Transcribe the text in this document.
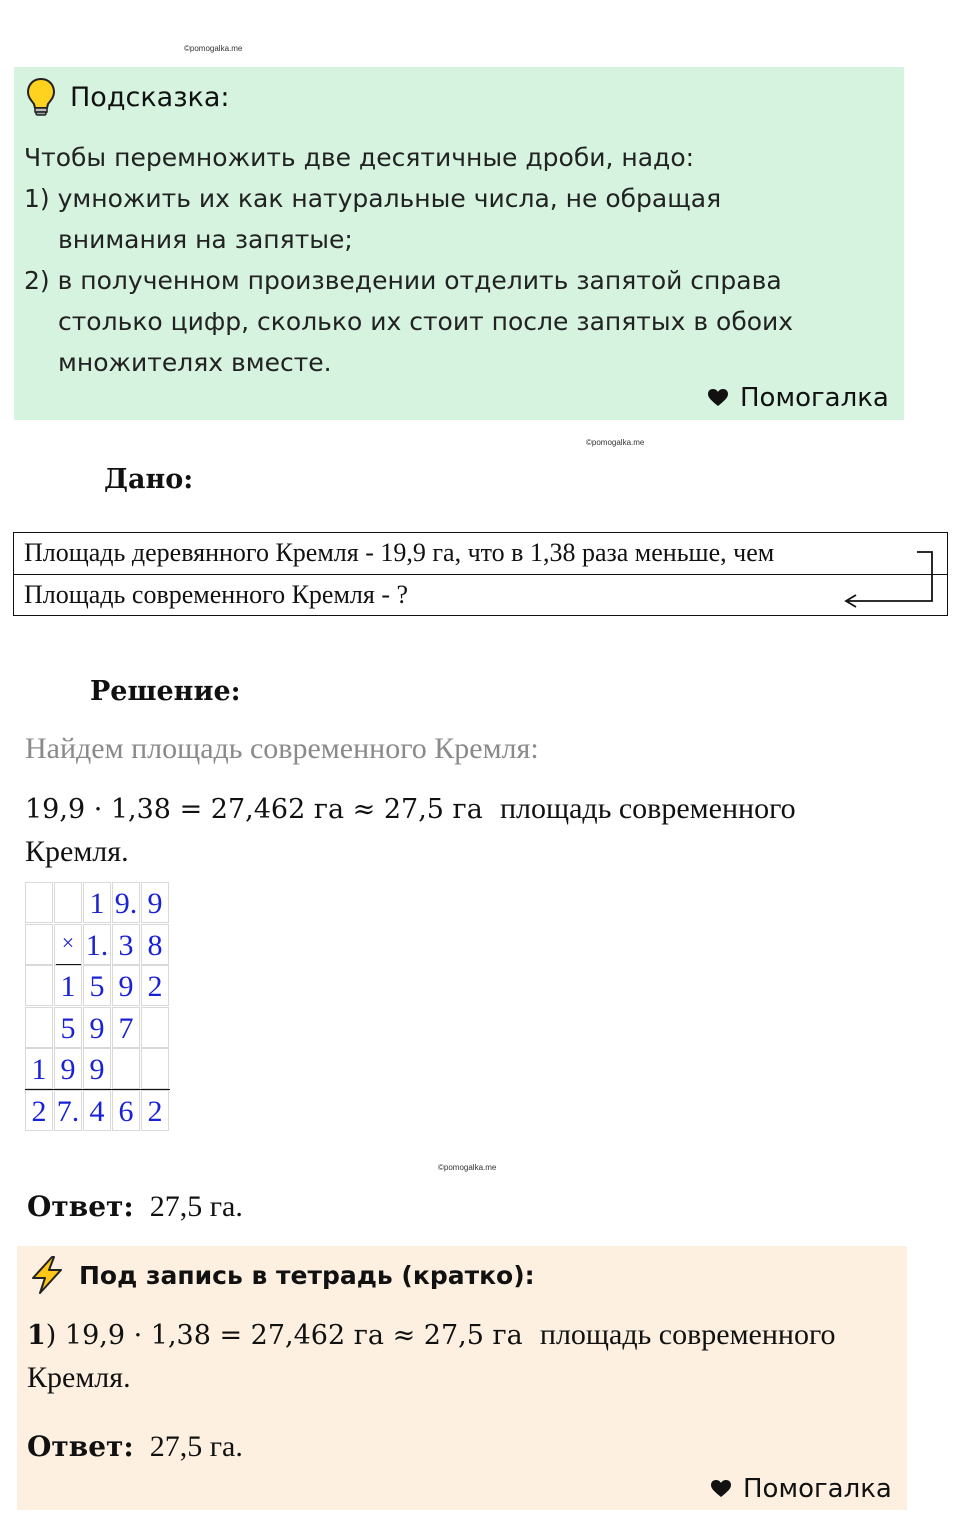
©pomogalka.me
Подсказка:
Чтобы перемножить две десятичные дроби, надо:
1) умножить их как натуральные числа, не обращая
внимания на запятые;
2) в полученном произведении отделить запятой справа
столько цифр, сколько их стоит после запятых в обоих
множителях вместе.
Помогалка
©pomogalka.me
Дано:
Площадь деревянного Кремля - 19,9 га, что в 1,38 раза меньше, чем
Площадь современного Кремля - ?
Решение:
Найдем площадь современного Кремля:
19,9 · 1,38 = 27,462 га ≈ 27,5 га площадь современного
Кремля.
1 9. 9
× 1. 3 8
1 5 9 2
5 9 7
1 9 9
2 7. 4 6 2
©pomogalka.me
Ответ: 27,5 га.
Под запись в тетрадь (кратко):
1) 19,9 · 1,38 = 27,462 га ≈ 27,5 га площадь современного
Кремля.
Ответ: 27,5 га.
Помогалка
